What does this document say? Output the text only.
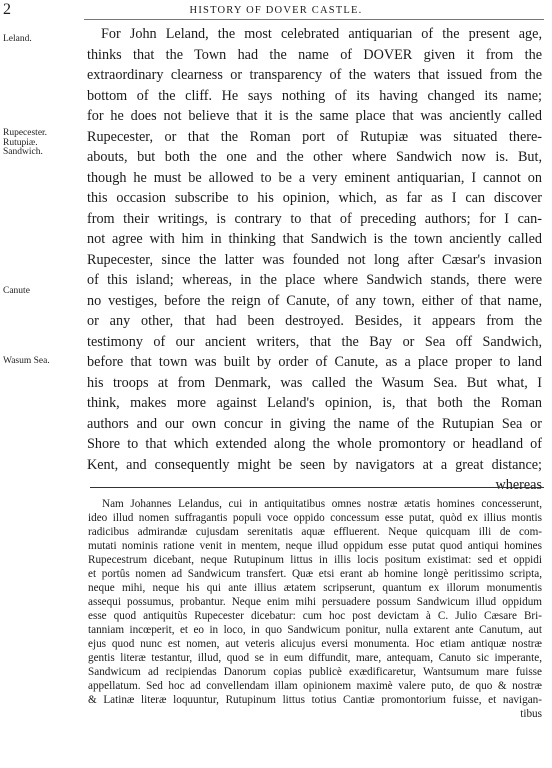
2	HISTORY OF DOVER CASTLE.
Leland.
Rupecester.
Rutupiæ.
Sandwich.
Canute
Wasum Sea.
For John Leland, the most celebrated antiquarian of the present age,
thinks that the Town had the name of DOVER given it from the
extraordinary clearness or transparency of the waters that issued from the
bottom of the cliff. He says nothing of its having changed its name;
for he does not believe that it is the same place that was anciently called
Rupecester, or that the Roman port of Rutupiæ was situated there-
abouts, but both the one and the other where Sandwich now is. But,
though he must be allowed to be a very eminent antiquarian, I cannot on
this occasion subscribe to his opinion, which, as far as I can discover
from their writings, is contrary to that of preceding authors; for I can-
not agree with him in thinking that Sandwich is the town anciently called
Rupecester, since the latter was founded not long after Cæsar's invasion
of this island; whereas, in the place where Sandwich stands, there were
no vestiges, before the reign of Canute, of any town, either of that name,
or any other, that had been destroyed. Besides, it appears from the
testimony of our ancient writers, that the Bay or Sea off Sandwich,
before that town was built by order of Canute, as a place proper to land
his troops at from Denmark, was called the Wasum Sea. But what, I
think, makes more against Leland's opinion, is, that both the Roman
authors and our own concur in giving the name of the Rutupian Sea or
Shore to that which extended along the whole promontory or headland of
Kent, and consequently might be seen by navigators at a great distance;
whereas
Nam Johannes Lelandus, cui in antiquitatibus omnes nostræ ætatis homines concesserunt,
ideo illud nomen suffragantis populi voce oppido concessum esse putat, quòd ex illius montis
radicibus admirandæ cujusdam serenitatis aquæ effluerent. Neque quicquam illi de com-
mutati nominis ratione venit in mentem, neque illud oppidum esse putat quod antiqui homines
Rupecestrum dicebant, neque Rutupinum littus in illis locis positum existimat: sed et oppidi
et portûs nomen ad Sandwicum transfert. Quæ etsi erant ab homine longè peritissimo scripta,
neque mihi, neque his qui ante illius ætatem scripserunt, quantum ex illorum monumentis
assequi possumus, probantur. Neque enim mihi persuadere possum Sandwicum illud oppidum
esse quod antiquitùs Rupecester dicebatur: cum hoc post devictam à C. Julio Cæsare Bri-
tanniam incœperit, et eo in loco, in quo Sandwicum ponitur, nulla extarent ante Canutum, aut
ejus quod nunc est nomen, aut veteris alicujus eversi monumenta. Hoc etiam antiquæ nostræ
gentis literæ testantur, illud, quod se in eum diffundit, mare, antequam, Canuto sic imperante,
Sandwicum ad recipiendas Danorum copias publicè exædificaretur, Wantsumum mare fuisse
appellatum. Sed hoc ad convellendam illam opinionem maximè valere puto, de quo & nostræ
& Latinæ literæ loquuntur, Rutupinum littus totius Cantiæ promontorium fuisse, et navigan-
tibus
